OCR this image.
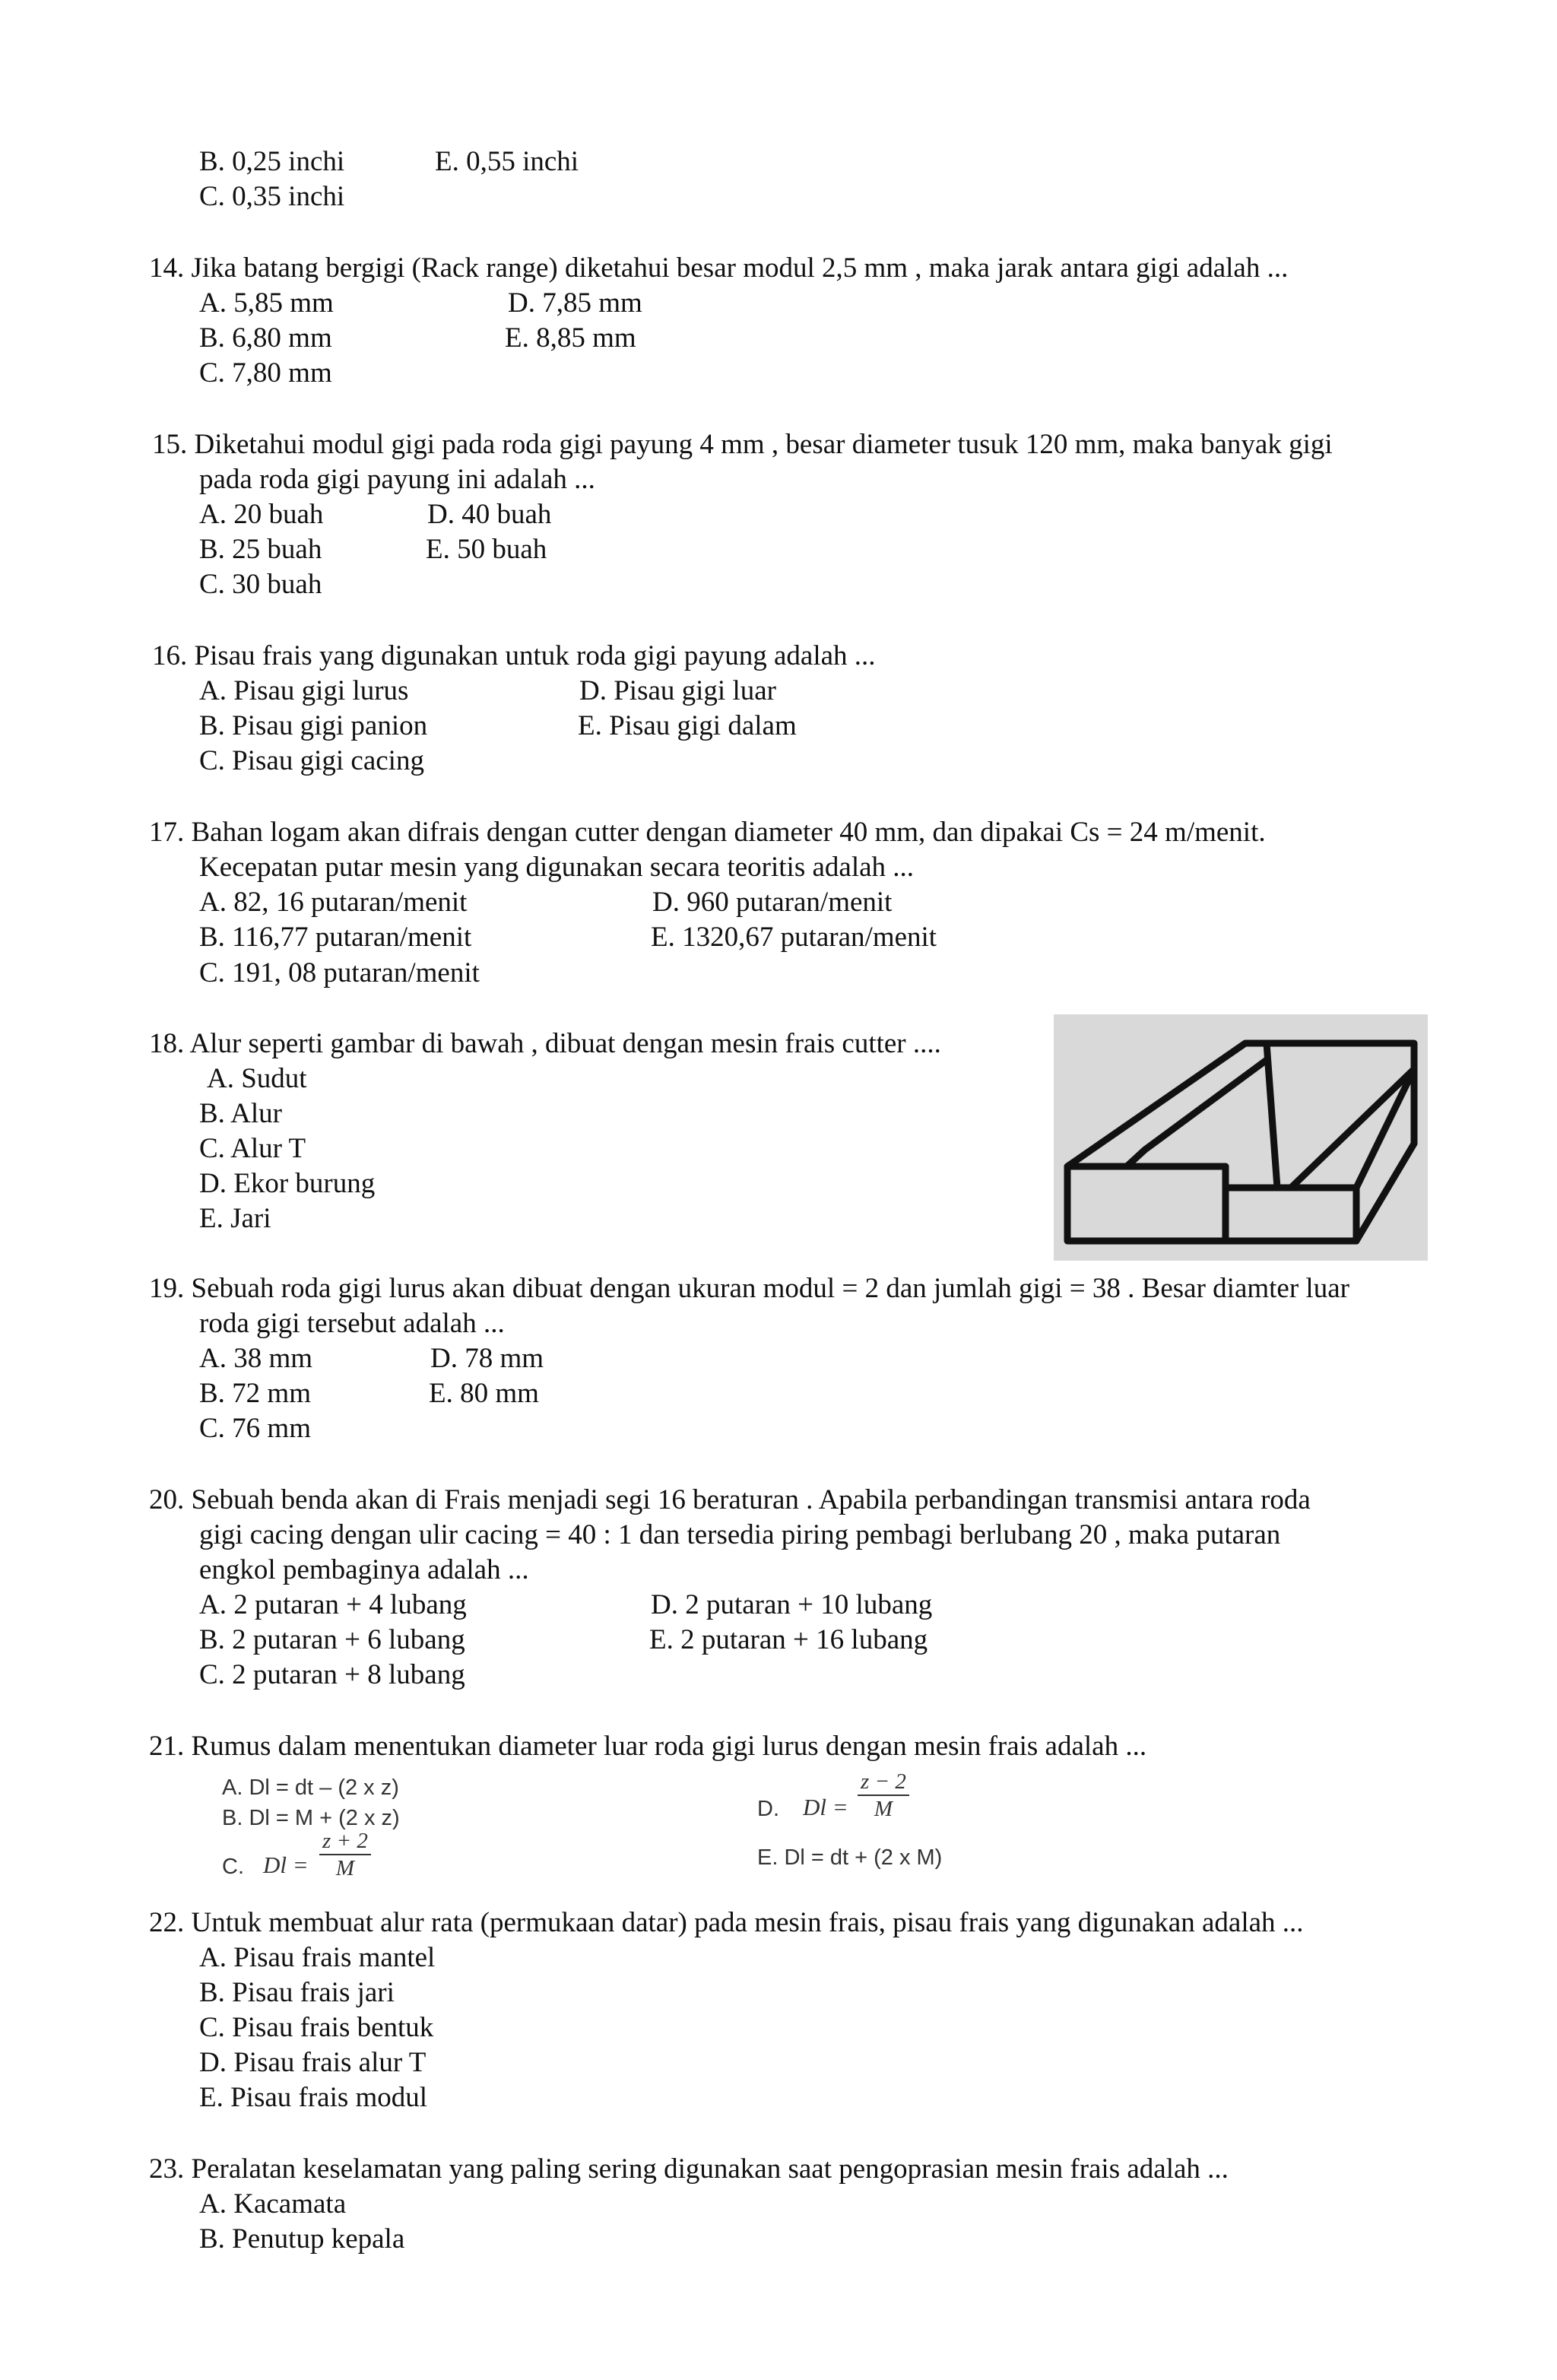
B. 0,25 inchi	E. 0,55 inchi
C. 0,35 inchi
14. Jika batang bergigi (Rack range) diketahui besar modul 2,5 mm , maka jarak antara gigi adalah ...
A. 5,85 mm	D. 7,85 mm
B. 6,80 mm	E. 8,85 mm
C. 7,80 mm
15. Diketahui modul gigi pada roda gigi payung 4 mm , besar diameter tusuk 120 mm, maka banyak gigi
pada roda gigi payung ini adalah ...
A. 20 buah	D. 40 buah
B. 25 buah	E. 50 buah
C. 30 buah
16. Pisau frais yang digunakan untuk roda gigi payung adalah ...
A. Pisau gigi lurus	D. Pisau gigi luar
B. Pisau gigi panion	E. Pisau gigi dalam
C. Pisau gigi cacing
17. Bahan logam akan difrais dengan cutter dengan diameter 40 mm, dan dipakai Cs = 24 m/menit.
Kecepatan putar mesin yang digunakan secara teoritis adalah ...
A. 82, 16 putaran/menit	D. 960 putaran/menit
B. 116,77 putaran/menit	E. 1320,67 putaran/menit
C. 191, 08 putaran/menit
18. Alur seperti gambar di bawah , dibuat dengan mesin frais cutter ....
A. Sudut
B. Alur
C. Alur T
D. Ekor burung
E. Jari
19. Sebuah roda gigi lurus akan dibuat dengan ukuran modul = 2 dan jumlah gigi = 38 . Besar diamter luar
roda gigi tersebut adalah ...
A. 38 mm	D. 78 mm
B. 72 mm	E. 80 mm
C. 76 mm
20. Sebuah benda akan di Frais menjadi segi 16 beraturan . Apabila perbandingan transmisi antara roda
gigi cacing dengan ulir cacing = 40 : 1 dan tersedia piring pembagi berlubang 20 , maka putaran
engkol pembaginya adalah ...
A. 2 putaran + 4 lubang	D. 2 putaran + 10 lubang
B. 2 putaran + 6 lubang	E. 2 putaran + 16 lubang
C. 2 putaran + 8 lubang
21. Rumus dalam menentukan diameter luar roda gigi lurus dengan mesin frais adalah ...
A. Dl = dt – (2 x z)
B. Dl = M + (2 x z)
C. $Dl = \frac{z + 2}{M}$
D. $Dl = \frac{z - 2}{M}$
E. Dl = dt + (2 x M)
22. Untuk membuat alur rata (permukaan datar) pada mesin frais, pisau frais yang digunakan adalah ...
A. Pisau frais mantel
B. Pisau frais jari
C. Pisau frais bentuk
D. Pisau frais alur T
E. Pisau frais modul
23. Peralatan keselamatan yang paling sering digunakan saat pengoprasian mesin frais adalah ...
A. Kacamata
B. Penutup kepala
